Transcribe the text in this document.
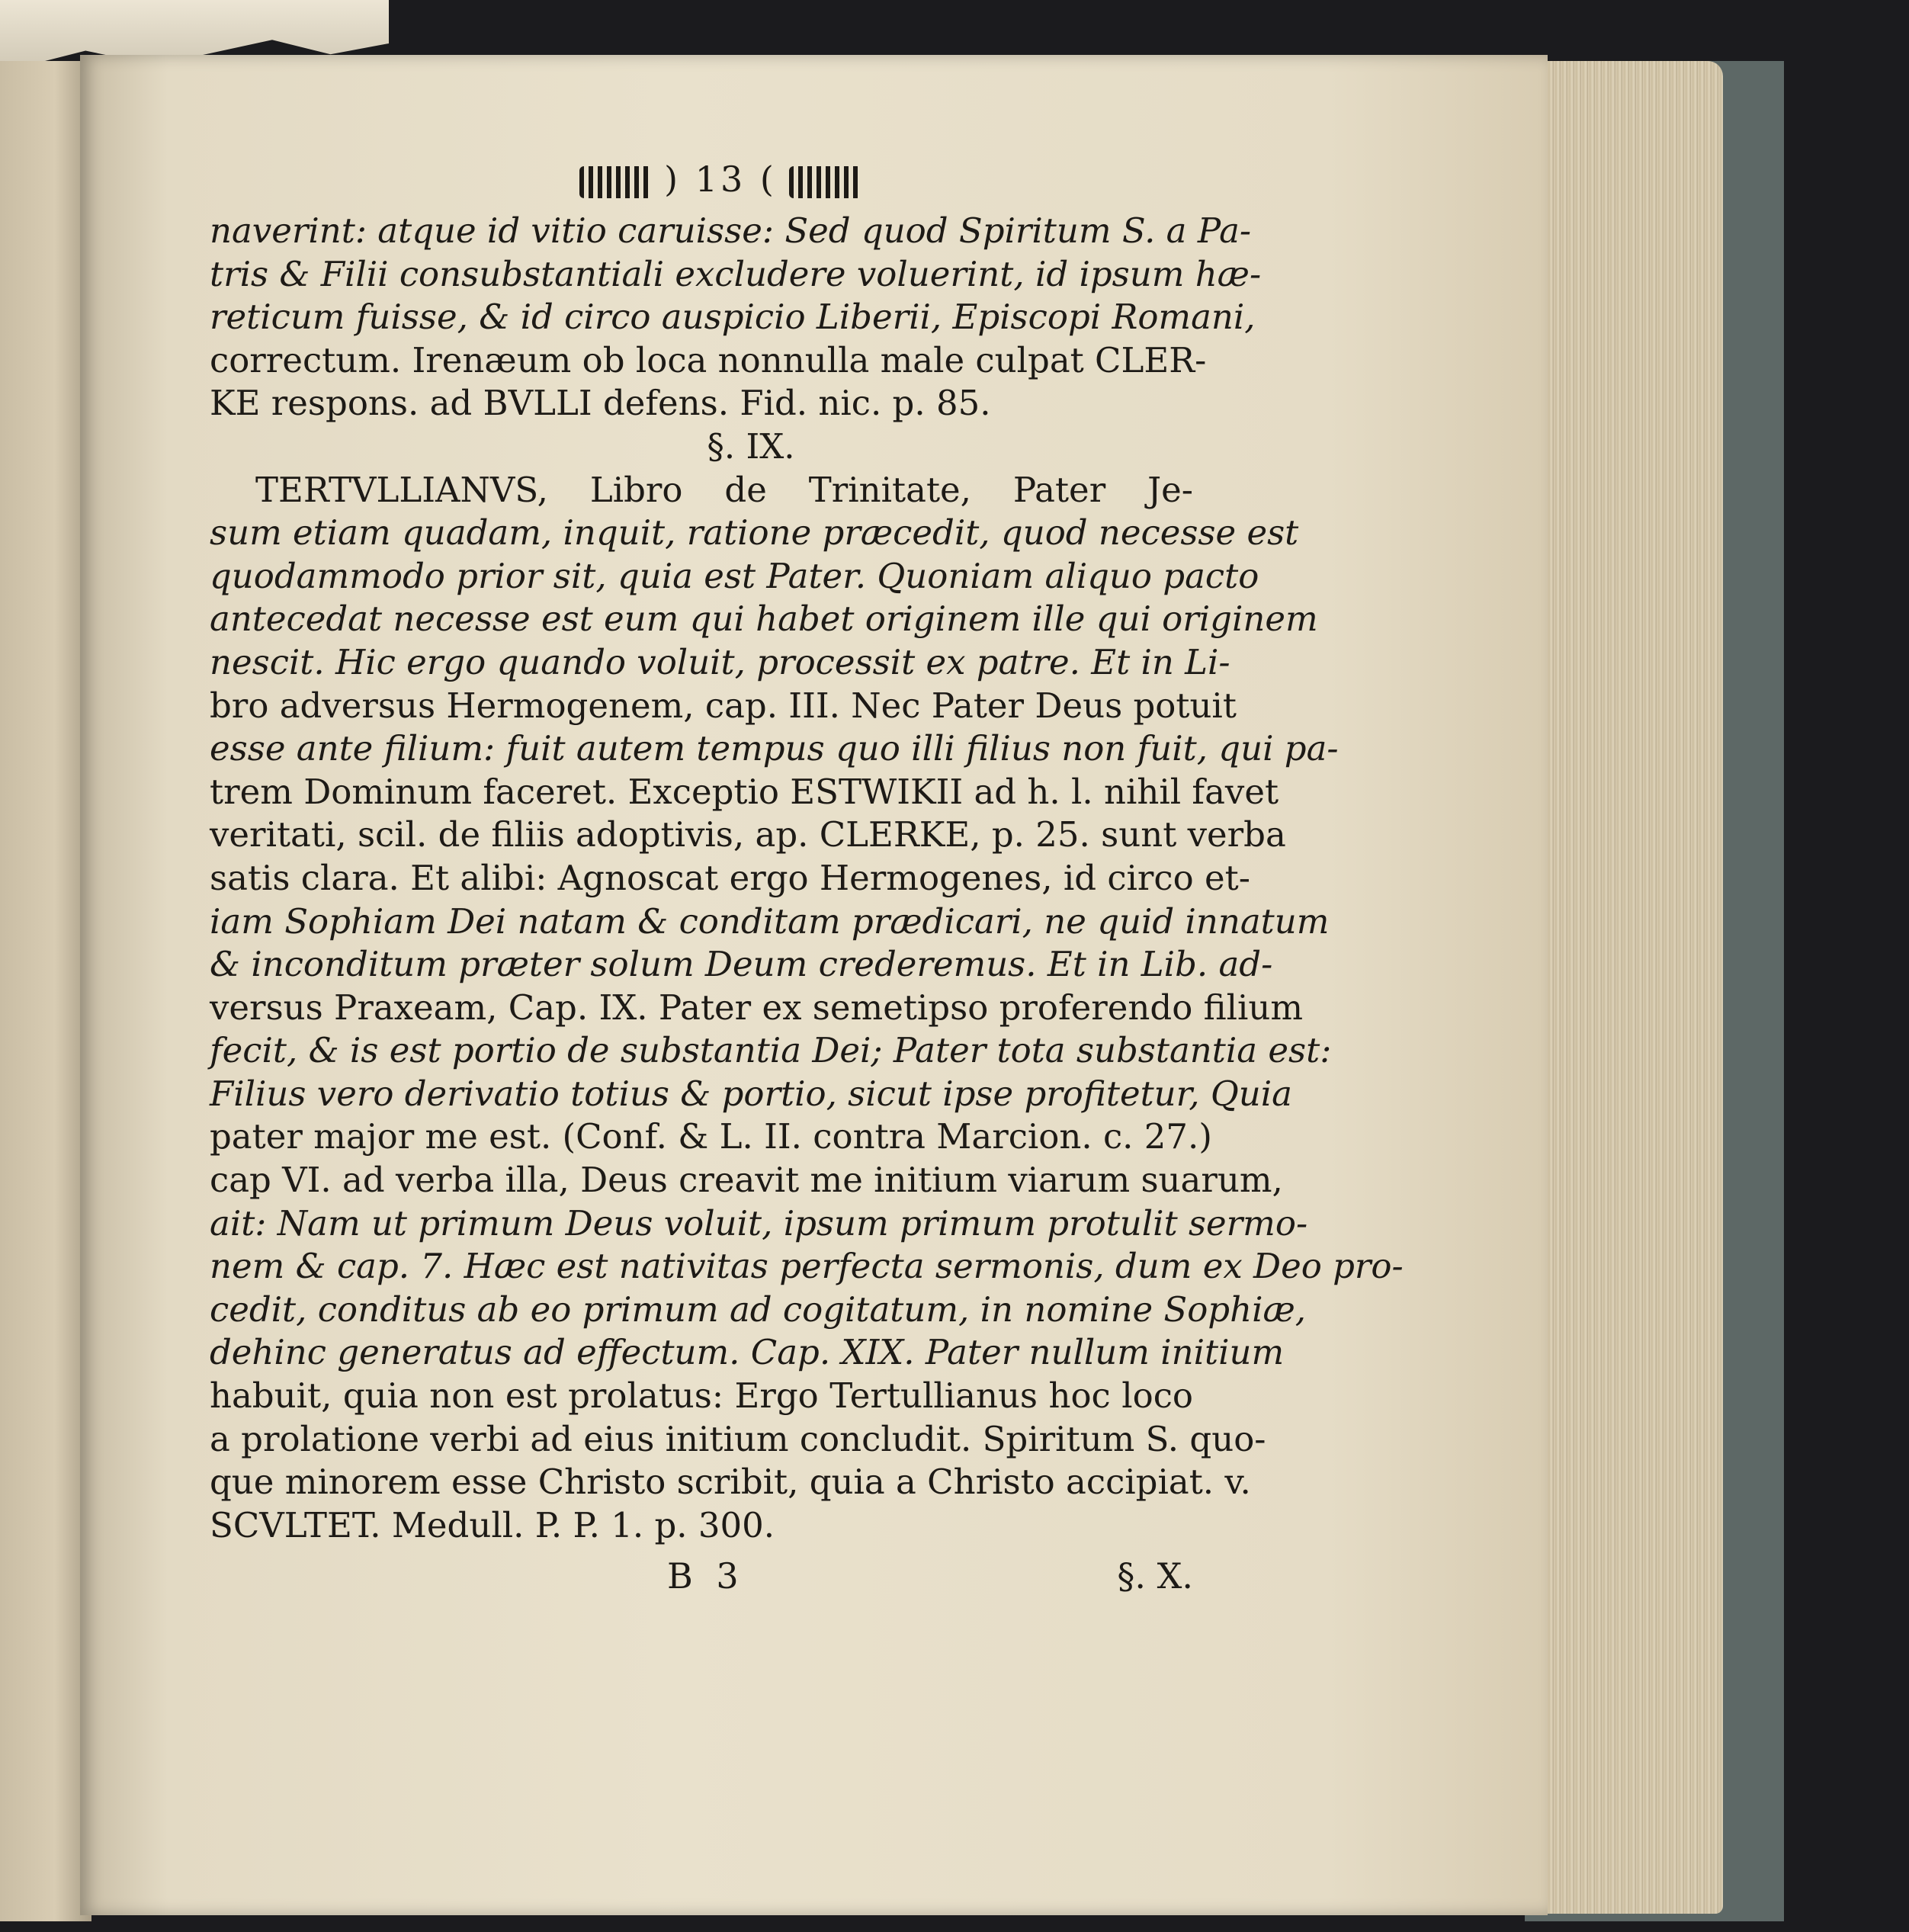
) 13 (
naverint: atque id vitio caruisse: Sed quod Spiritum S. a Pa-
tris & Filii consubstantiali excludere voluerint, id ipsum hæ-
reticum fuisse, & id circo auspicio Liberii, Episcopi Romani,
correctum. Irenæum ob loca nonnulla male culpat CLER-
KE respons. ad BVLLI defens. Fid. nic. p. 85.
§. IX.
TERTVLLIANVS, Libro de Trinitate, Pater Je-
sum etiam quadam, inquit, ratione præcedit, quod necesse est
quodammodo prior sit, quia est Pater. Quoniam aliquo pacto
antecedat necesse est eum qui habet originem ille qui originem
nescit. Hic ergo quando voluit, processit ex patre. Et in Li-
bro adversus Hermogenem, cap. III. Nec Pater Deus potuit
esse ante filium: fuit autem tempus quo illi filius non fuit, qui pa-
trem Dominum faceret. Exceptio ESTWIKII ad h. l. nihil favet
veritati, scil. de filiis adoptivis, ap. CLERKE, p. 25. sunt verba
satis clara. Et alibi: Agnoscat ergo Hermogenes, id circo et-
iam Sophiam Dei natam & conditam prædicari, ne quid innatum
& inconditum præter solum Deum crederemus. Et in Lib. ad-
versus Praxeam, Cap. IX. Pater ex semetipso proferendo filium
fecit, & is est portio de substantia Dei; Pater tota substantia est:
Filius vero derivatio totius & portio, sicut ipse profitetur, Quia
pater major me est. (Conf. & L. II. contra Marcion. c. 27.)
cap VI. ad verba illa, Deus creavit me initium viarum suarum,
ait: Nam ut primum Deus voluit, ipsum primum protulit sermo-
nem & cap. 7. Hæc est nativitas perfecta sermonis, dum ex Deo pro-
cedit, conditus ab eo primum ad cogitatum, in nomine Sophiæ,
dehinc generatus ad effectum. Cap. XIX. Pater nullum initium
habuit, quia non est prolatus: Ergo Tertullianus hoc loco
a prolatione verbi ad eius initium concludit. Spiritum S. quo-
que minorem esse Christo scribit, quia a Christo accipiat. v.
SCVLTET. Medull. P. P. 1. p. 300.
B 3	§. X.
